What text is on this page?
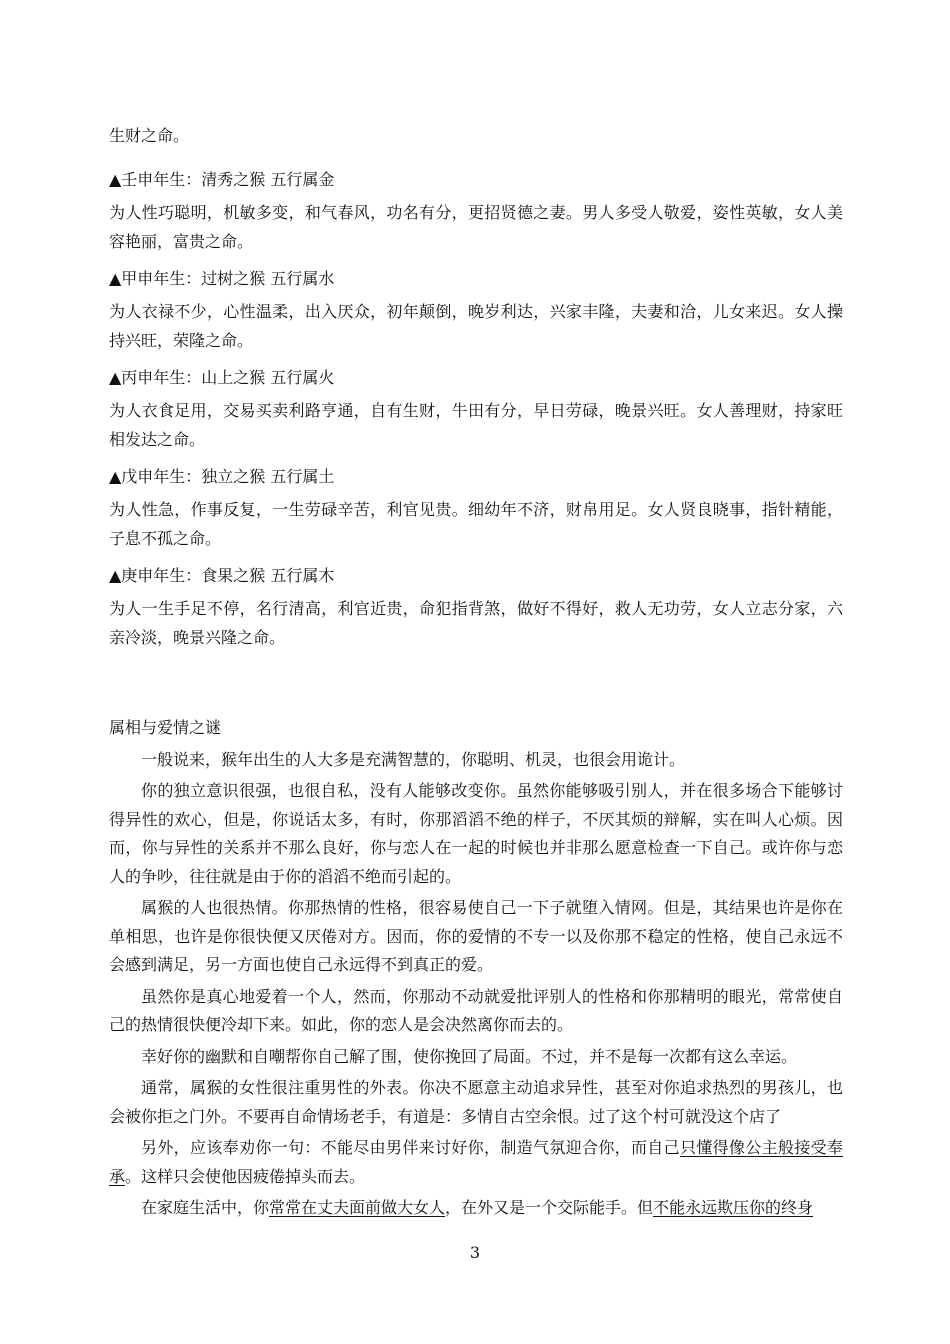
生财之命。

▲壬申年生：清秀之猴 五行属金

为人性巧聪明，机敏多变，和气春风，功名有分，更招贤德之妻。男人多受人敬爱，姿性英敏，女人美容艳丽，富贵之命。

▲甲申年生：过树之猴 五行属水

为人衣禄不少，心性温柔，出入厌众，初年颠倒，晚岁利达，兴家丰隆，夫妻和洽，儿女来迟。女人操持兴旺，荣隆之命。

▲丙申年生：山上之猴 五行属火

为人衣食足用，交易买卖利路亨通，自有生财，牛田有分，早日劳碌，晚景兴旺。女人善理财，持家旺相发达之命。

▲戊申年生：独立之猴 五行属土

为人性急，作事反复，一生劳碌辛苦，利官见贵。细幼年不济，财帛用足。女人贤良晓事，指针精能，子息不孤之命。

▲庚申年生：食果之猴 五行属木

为人一生手足不停，名行清高，利官近贵，命犯指背煞，做好不得好，救人无功劳，女人立志分家，六亲冷淡，晚景兴隆之命。

属相与爱情之谜

一般说来，猴年出生的人大多是充满智慧的，你聪明、机灵，也很会用诡计。

你的独立意识很强，也很自私，没有人能够改变你。虽然你能够吸引别人，并在很多场合下能够讨得异性的欢心，但是，你说话太多，有时，你那滔滔不绝的样子，不厌其烦的辩解，实在叫人心烦。因而，你与异性的关系并不那么良好，你与恋人在一起的时候也并非那么愿意检查一下自己。或许你与恋人的争吵，往往就是由于你的滔滔不绝而引起的。

属猴的人也很热情。你那热情的性格，很容易使自己一下子就堕入情网。但是，其结果也许是你在单相思，也许是你很快便又厌倦对方。因而，你的爱情的不专一以及你那不稳定的性格，使自己永远不会感到满足，另一方面也使自己永远得不到真正的爱。

虽然你是真心地爱着一个人，然而，你那动不动就爱批评别人的性格和你那精明的眼光，常常使自己的热情很快便冷却下来。如此，你的恋人是会决然离你而去的。

幸好你的幽默和自嘲帮你自己解了围，使你挽回了局面。不过，并不是每一次都有这么幸运。

通常，属猴的女性很注重男性的外表。你决不愿意主动追求异性，甚至对你追求热烈的男孩儿，也会被你拒之门外。不要再自命情场老手，有道是：多情自古空余恨。过了这个村可就没这个店了

另外，应该奉劝你一句：不能尽由男伴来讨好你，制造气氛迎合你，而自己只懂得像公主般接受奉承。这样只会使他因疲倦掉头而去。

在家庭生活中，你常常在丈夫面前做大女人，在外又是一个交际能手。但不能永远欺压你的终身

3
